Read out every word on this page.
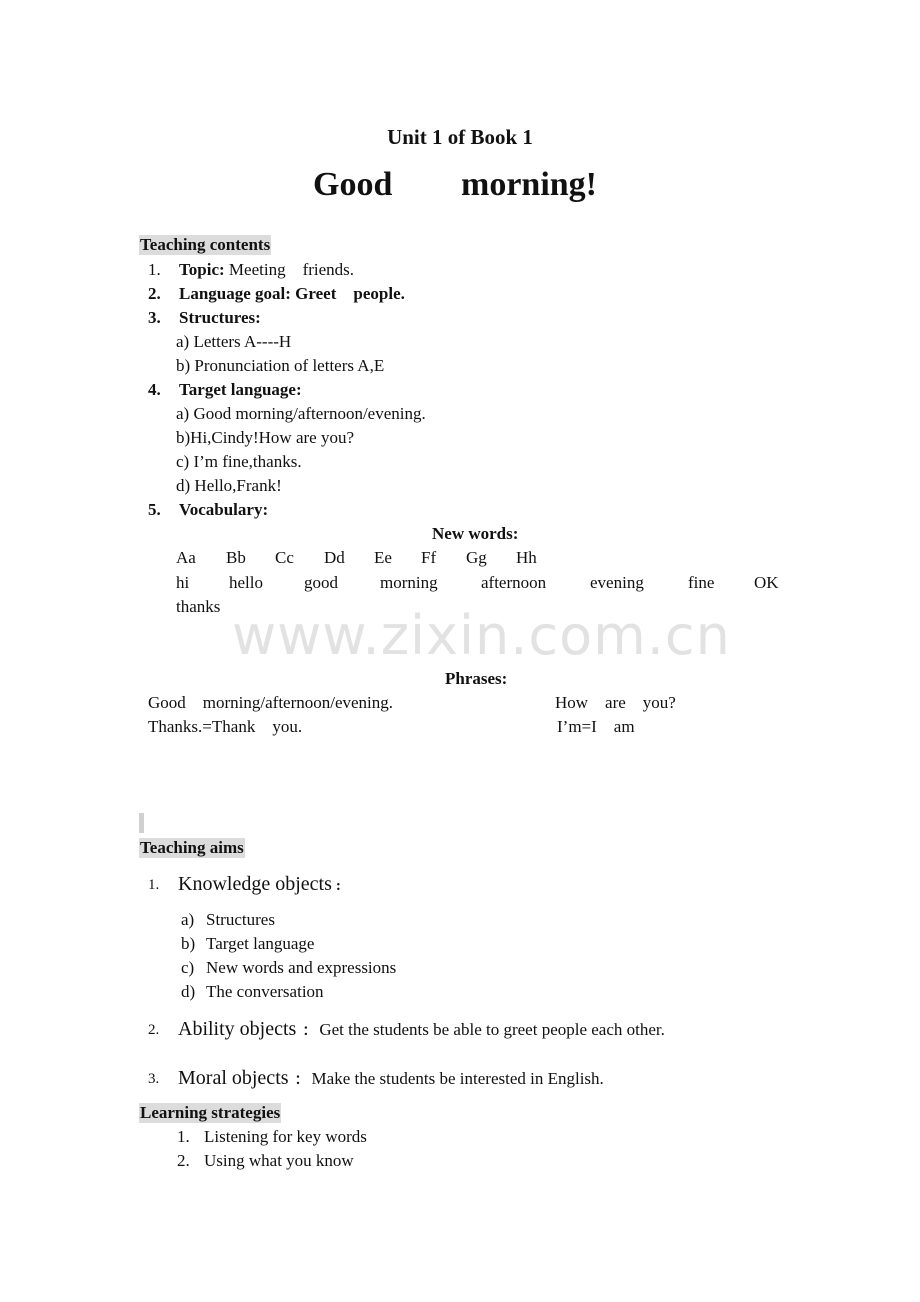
Unit 1 of Book 1
Good morning!
Teaching contents
1.	Topic: Meeting friends.
2.	Language goal: Greet people.
3.	Structures:
a) Letters A----H
b) Pronunciation of letters A,E
4.	Target language:
a) Good morning/afternoon/evening.
b)Hi,Cindy!How are you?
c) I’m fine,thanks.
d) Hello,Frank!
5.	Vocabulary:
New words:
Aa Bb Cc Dd Ee Ff Gg Hh
hi hello good morning	afternoon	evening	fine OK
thanks www.zixin.com.cn
Phrases:
Good morning/afternoon/evening.	How are you?
Thanks.=Thank you.	I’m=I am
Teaching aims
1. Knowledge objects :
a) Structures
b) Target language
c) New words and expressions
d) The conversation
2. Ability objects ： Get the students be able to greet people each other.
3. Moral objects ： Make the students be interested in English.
Learning strategies
1. Listening for key words
2. Using what you know
